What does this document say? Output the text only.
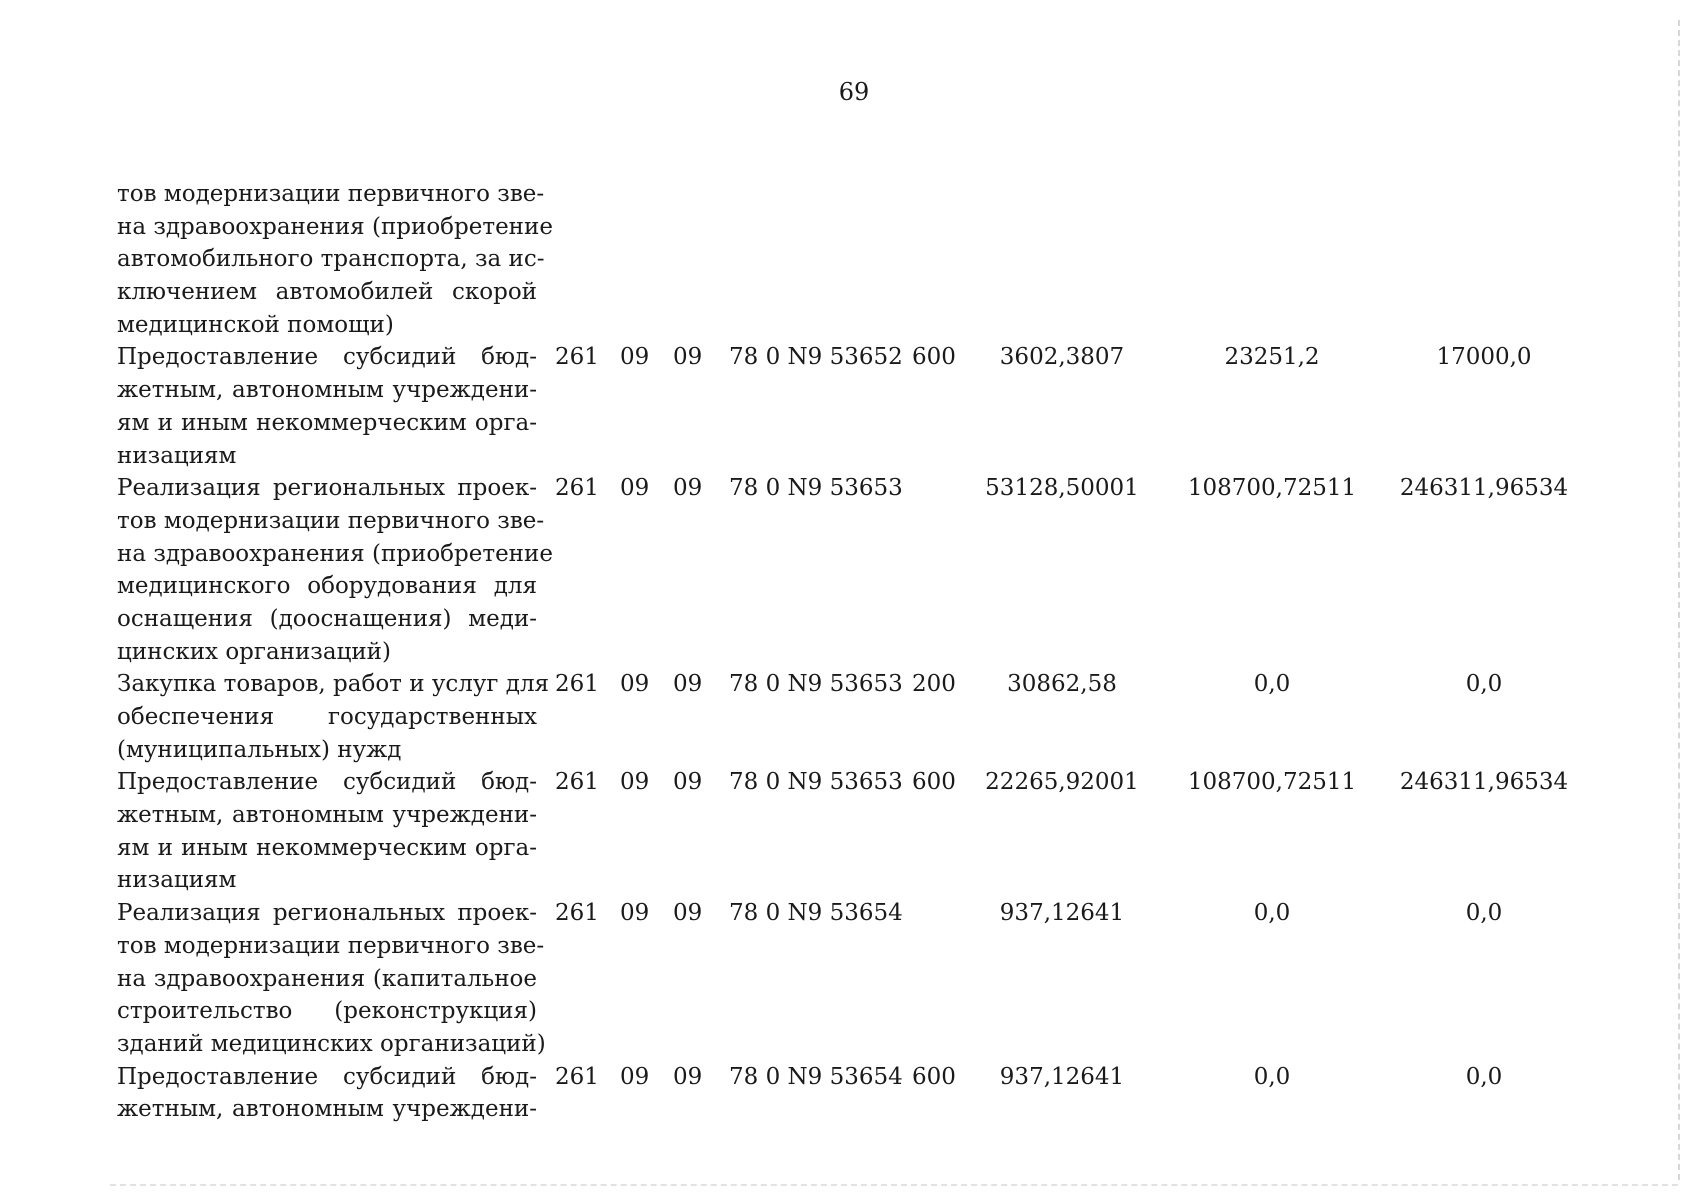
69
тов модернизации первичного зве-
на здравоохранения (приобретение
автомобильного транспорта, за ис-
ключением автомобилей скорой
медицинской помощи)
Предоставление субсидий бюд-
жетным, автономным учреждени-
ям и иным некоммерческим орга-
низациям
261 09 09 78 0 N9 53652 600	3602,3807	23251,2	17000,0
Реализация региональных проек-
тов модернизации первичного зве-
на здравоохранения (приобретение
медицинского оборудования для
оснащения (дооснащения) меди-
цинских организаций)
261 09 09 78 0 N9 53653	53128,50001	108700,72511	246311,96534
Закупка товаров, работ и услуг для
обеспечения государственных
(муниципальных) нужд
261 09 09 78 0 N9 53653 200	30862,58	0,0	0,0
Предоставление субсидий бюд-
жетным, автономным учреждени-
ям и иным некоммерческим орга-
низациям
261 09 09 78 0 N9 53653 600	22265,92001	108700,72511	246311,96534
Реализация региональных проек-
тов модернизации первичного зве-
на здравоохранения (капитальное
строительство (реконструкция)
зданий медицинских организаций)
261 09 09 78 0 N9 53654	937,12641	0,0	0,0
Предоставление субсидий бюд-
жетным, автономным учреждени-
261 09 09 78 0 N9 53654 600	937,12641	0,0	0,0
